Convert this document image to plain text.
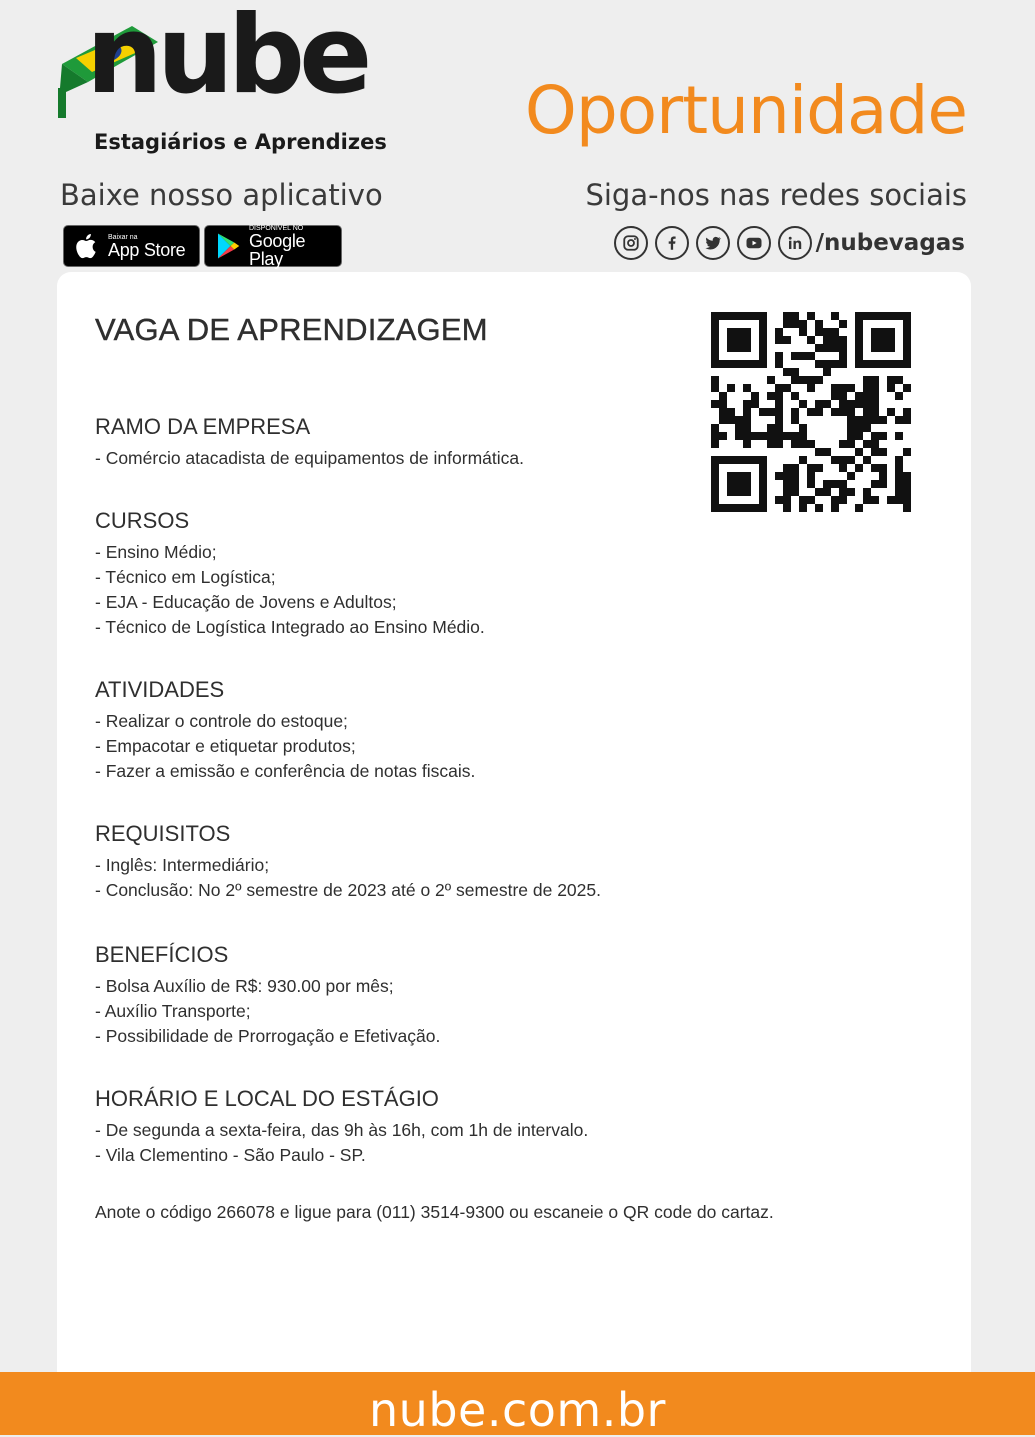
nube
Estagiários e Aprendizes Oportunidade
Baixe nosso aplicativo	Siga-nos nas redes sociais
Baixar na
App Store
DISPONÍVEL NO
Google Play
/nubevagas
VAGA DE APRENDIZAGEM
RAMO DA EMPRESA
- Comércio atacadista de equipamentos de informática.
CURSOS
- Ensino Médio;
- Técnico em Logística;
- EJA - Educação de Jovens e Adultos;
- Técnico de Logística Integrado ao Ensino Médio.
ATIVIDADES
- Realizar o controle do estoque;
- Empacotar e etiquetar produtos;
- Fazer a emissão e conferência de notas fiscais.
REQUISITOS
- Inglês: Intermediário;
- Conclusão: No 2º semestre de 2023 até o 2º semestre de 2025.
BENEFÍCIOS
- Bolsa Auxílio de R$: 930.00 por mês;
- Auxílio Transporte;
- Possibilidade de Prorrogação e Efetivação.
HORÁRIO E LOCAL DO ESTÁGIO
- De segunda a sexta-feira, das 9h às 16h, com 1h de intervalo.
- Vila Clementino - São Paulo - SP.
Anote o código 266078 e ligue para (011) 3514-9300 ou escaneie o QR code do cartaz.
nube.com.br
